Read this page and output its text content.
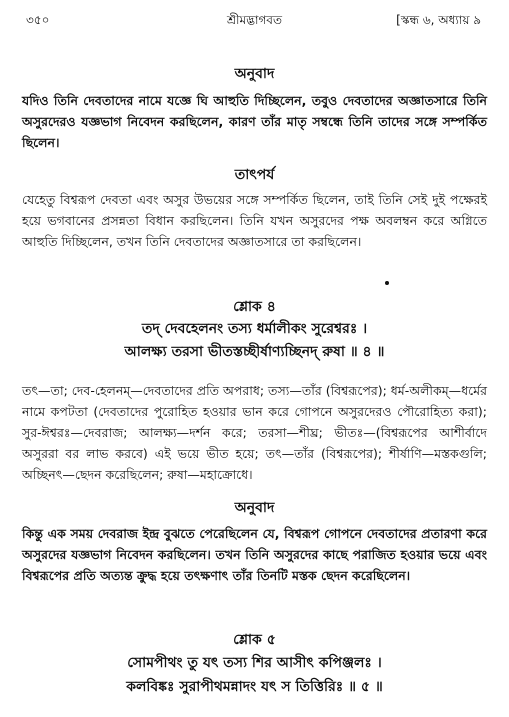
৩৫০	শ্রীমদ্ভাগবত	[স্কন্ধ ৬, অধ্যায় ৯
অনুবাদ
যদিও তিনি দেবতাদের নামে যজ্ঞে ঘি আহুতি দিচ্ছিলেন, তবুও দেবতাদের অজ্ঞাতসারে তিনি অসুরদেরও যজ্ঞভাগ নিবেদন করছিলেন, কারণ তাঁর মাতৃ সম্বন্ধে তিনি তাদের সঙ্গে সম্পর্কিত ছিলেন।
তাৎপর্য
যেহেতু বিশ্বরূপ দেবতা এবং অসুর উভয়ের সঙ্গে সম্পর্কিত ছিলেন, তাই তিনি সেই দুই পক্ষেরই হয়ে ভগবানের প্রসন্নতা বিধান করছিলেন। তিনি যখন অসুরদের পক্ষ অবলম্বন করে অগ্নিতে আহুতি দিচ্ছিলেন, তখন তিনি দেবতাদের অজ্ঞাতসারে তা করছিলেন।
শ্লোক ৪
তদ্ দেবহেলনং তস্য ধর্মালীকং সুরেশ্বরঃ ।
আলক্ষ্য তরসা ভীতস্তচ্ছীর্ষাণ্যচ্ছিনদ্ রুষা ॥ ৪ ॥
তৎ—তা; দেব-হেলনম্—দেবতাদের প্রতি অপরাধ; তস্য—তাঁর (বিশ্বরূপের); ধর্ম-অলীকম্—ধর্মের নামে কপটতা (দেবতাদের পুরোহিত হওয়ার ভান করে গোপনে অসুরদেরও পৌরোহিত্য করা); সুর-ঈশ্বরঃ—দেবরাজ; আলক্ষ্য—দর্শন করে; তরসা—শীঘ্র; ভীতঃ—(বিশ্বরূপের আশীর্বাদে অসুররা বর লাভ করবে) এই ভয়ে ভীত হয়ে; তৎ—তাঁর (বিশ্বরূপের); শীর্ষাণি—মস্তকগুলি; অচ্ছিনৎ—ছেদন করেছিলেন; রুষা—মহাক্রোধে।
অনুবাদ
কিন্তু এক সময় দেবরাজ ইন্দ্র বুঝতে পেরেছিলেন যে, বিশ্বরূপ গোপনে দেবতাদের প্রতারণা করে অসুরদের যজ্ঞভাগ নিবেদন করছিলেন। তখন তিনি অসুরদের কাছে পরাজিত হওয়ার ভয়ে এবং বিশ্বরূপের প্রতি অত্যন্ত ক্রুদ্ধ হয়ে তৎক্ষণাৎ তাঁর তিনটি মস্তক ছেদন করেছিলেন।
শ্লোক ৫
সোমপীথং তু যৎ তস্য শির আসীৎ কপিঞ্জলঃ ।
কলবিঙ্কঃ সুরাপীথমন্নাদং যৎ স তিত্তিরিঃ ॥ ৫ ॥
